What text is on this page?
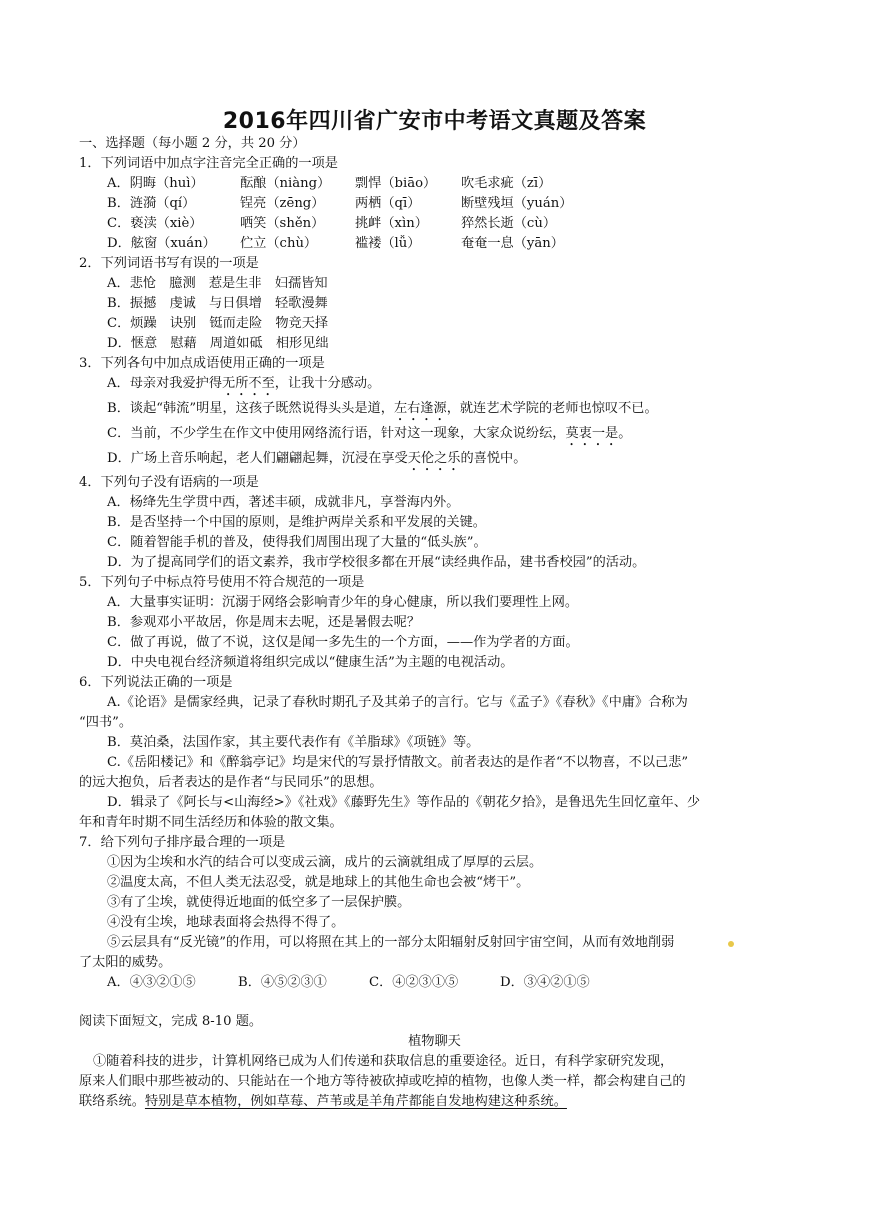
2016年四川省广安市中考语文真题及答案
一、选择题（每小题 2 分，共 20 分）
1．下列词语中加点字注音完全正确的一项是
A．阴晦（huì）	酝酿（niàng） 剽悍（biāo） 吹毛求疵（zī）
B．涟漪（qí）	锃亮（zēng） 两栖（qī）	断壁残垣（yuán）
C．亵渎（xiè）	哂笑（shěn） 挑衅（xìn）	猝然长逝（cù）
D．舷窗（xuán） 伫立（chù）	褴褛（lǚ）	奄奄一息（yān）
2．下列词语书写有误的一项是
A．悲怆　臆测　惹是生非　妇孺皆知
B．振撼　虔诚　与日俱增　轻歌漫舞
C．烦躁　诀别　铤而走险　物竞天择
D．惬意　慰藉　周道如砥　相形见绌
3．下列各句中加点成语使用正确的一项是
A．母亲对我爱护得无所不至，让我十分感动。
B．谈起“韩流”明星，这孩子既然说得头头是道，左右逢源，就连艺术学院的老师也惊叹不已。
C．当前，不少学生在作文中使用网络流行语，针对这一现象，大家众说纷纭，莫衷一是。
D．广场上音乐响起，老人们翩翩起舞，沉浸在享受天伦之乐的喜悦中。
4．下列句子没有语病的一项是
A．杨绛先生学贯中西，著述丰硕，成就非凡，享誉海内外。
B．是否坚持一个中国的原则，是维护两岸关系和平发展的关键。
C．随着智能手机的普及，使得我们周围出现了大量的“低头族”。
D．为了提高同学们的语文素养，我市学校很多都在开展“读经典作品，建书香校园”的活动。
5．下列句子中标点符号使用不符合规范的一项是
A．大量事实证明：沉溺于网络会影响青少年的身心健康，所以我们要理性上网。
B．参观邓小平故居，你是周末去呢，还是暑假去呢？
C．做了再说，做了不说，这仅是闻一多先生的一个方面，——作为学者的方面。
D．中央电视台经济频道将组织完成以“健康生活”为主题的电视活动。
6．下列说法正确的一项是
A.《论语》是儒家经典，记录了春秋时期孔子及其弟子的言行。它与《孟子》《春秋》《中庸》合称为
“四书”。
B．莫泊桑，法国作家，其主要代表作有《羊脂球》《项链》等。
C.《岳阳楼记》和《醉翁亭记》均是宋代的写景抒情散文。前者表达的是作者“不以物喜，不以己悲”
的远大抱负，后者表达的是作者“与民同乐”的思想。
D．辑录了《阿长与<山海经>》《社戏》《藤野先生》等作品的《朝花夕拾》，是鲁迅先生回忆童年、少
年和青年时期不同生活经历和体验的散文集。
7．给下列句子排序最合理的一项是
①因为尘埃和水汽的结合可以变成云滴，成片的云滴就组成了厚厚的云层。
②温度太高，不但人类无法忍受，就是地球上的其他生命也会被“烤干”。
③有了尘埃，就使得近地面的低空多了一层保护膜。
④没有尘埃，地球表面将会热得不得了。
⑤云层具有“反光镜”的作用，可以将照在其上的一部分太阳辐射反射回宇宙空间，从而有效地削弱
了太阳的威势。
A．④③②①⑤	B．④⑤②③①	C．④②③①⑤	D．③④②①⑤
阅读下面短文，完成 8-10 题。
植物聊天
①随着科技的进步，计算机网络已成为人们传递和获取信息的重要途径。近日，有科学家研究发现，
原来人们眼中那些被动的、只能站在一个地方等待被砍掉或吃掉的植物，也像人类一样，都会构建自己的
联络系统。特别是草本植物，例如草莓、芦苇或是羊角芹都能自发地构建这种系统。
